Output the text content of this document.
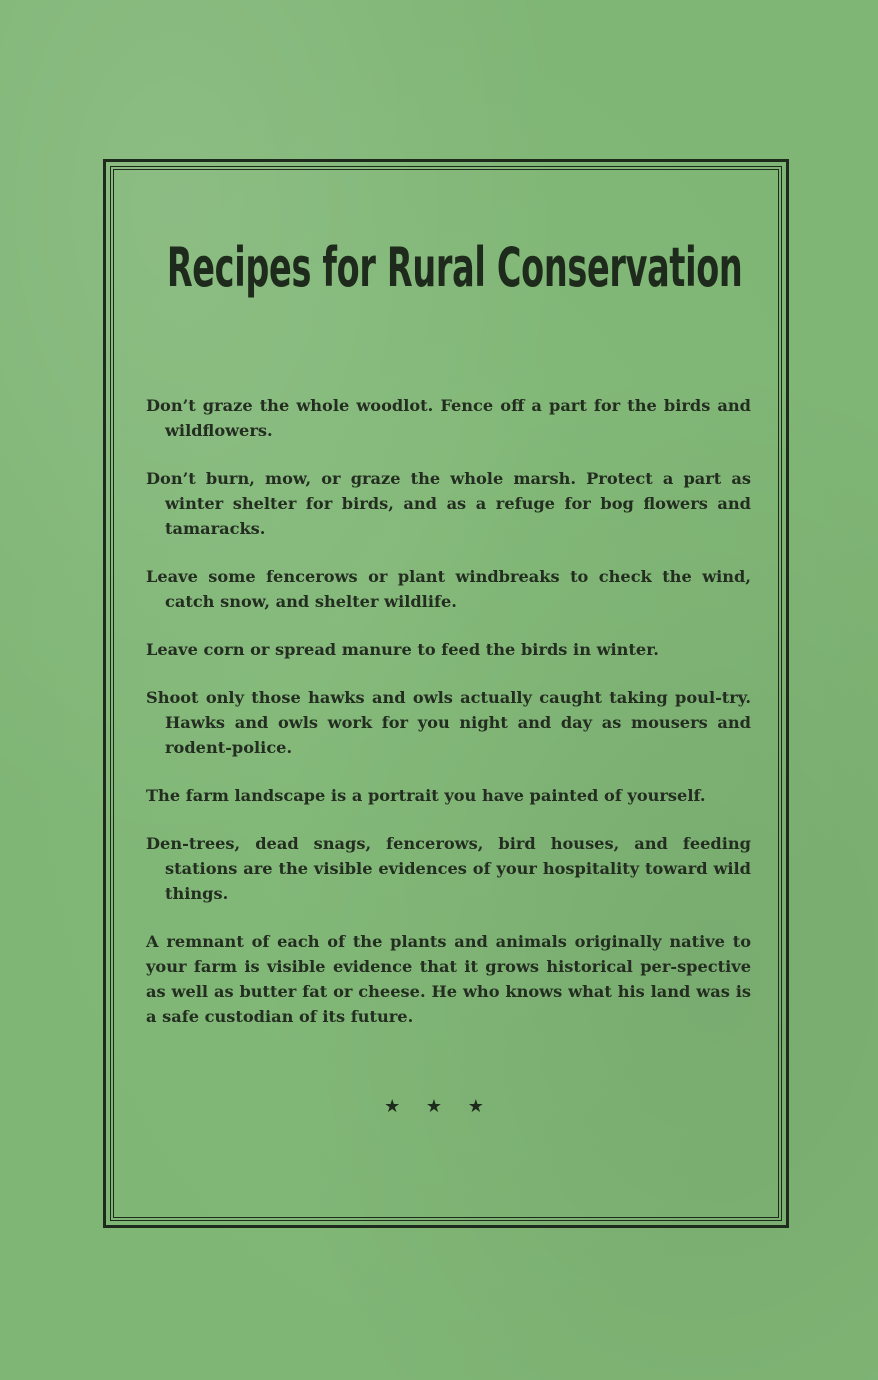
Recipes for Rural Conservation
Don’t graze the whole woodlot. Fence off a part for the birds and wildflowers.
Don’t burn, mow, or graze the whole marsh. Protect a part as winter shelter for birds, and as a refuge for bog flowers and tamaracks.
Leave some fencerows or plant windbreaks to check the wind, catch snow, and shelter wildlife.
Leave corn or spread manure to feed the birds in winter.
Shoot only those hawks and owls actually caught taking poul-try. Hawks and owls work for you night and day as mousers and rodent-police.
The farm landscape is a portrait you have painted of yourself.
Den-trees, dead snags, fencerows, bird houses, and feeding stations are the visible evidences of your hospitality toward wild things.
A remnant of each of the plants and animals originally native to your farm is visible evidence that it grows historical per-spective as well as butter fat or cheese. He who knows what his land was is a safe custodian of its future.
★ ★ ★
